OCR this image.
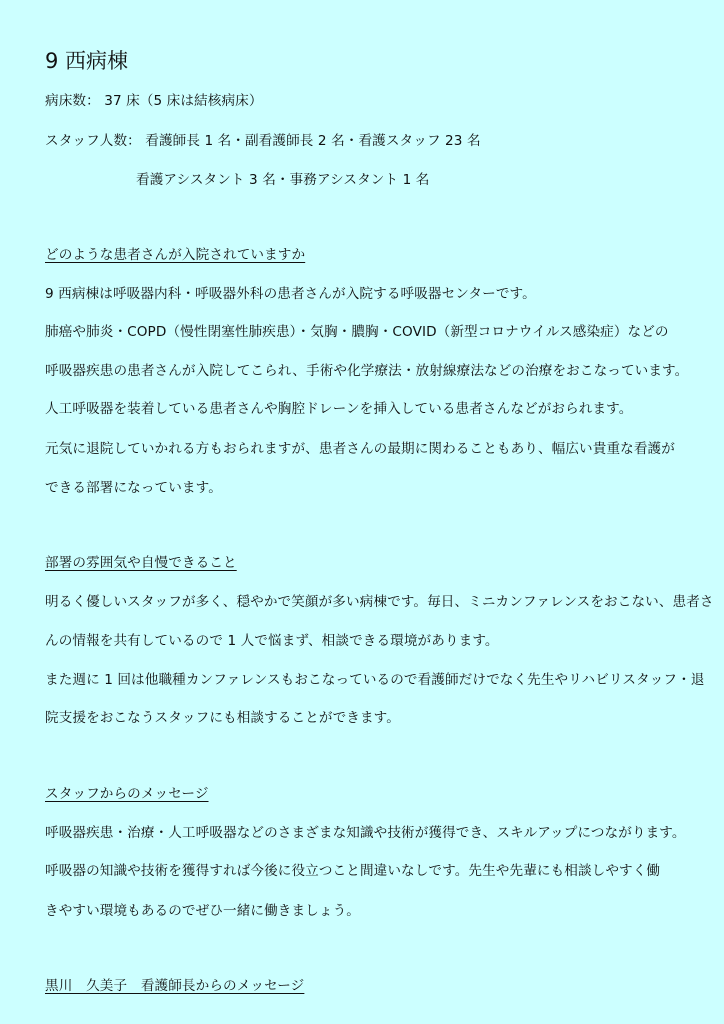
9 西病棟
病床数： 37 床（5 床は結核病床）
スタッフ人数： 看護師長 1 名・副看護師長 2 名・看護スタッフ 23 名
看護アシスタント 3 名・事務アシスタント 1 名
どのような患者さんが入院されていますか
9 西病棟は呼吸器内科・呼吸器外科の患者さんが入院する呼吸器センターです。
肺癌や肺炎・COPD（慢性閉塞性肺疾患）・気胸・膿胸・COVID（新型コロナウイルス感染症）などの
呼吸器疾患の患者さんが入院してこられ、手術や化学療法・放射線療法などの治療をおこなっています。
人工呼吸器を装着している患者さんや胸腔ドレーンを挿入している患者さんなどがおられます。
元気に退院していかれる方もおられますが、患者さんの最期に関わることもあり、幅広い貴重な看護が
できる部署になっています。
部署の雰囲気や自慢できること
明るく優しいスタッフが多く、穏やかで笑顔が多い病棟です。毎日、ミニカンファレンスをおこない、患者さ
んの情報を共有しているので 1 人で悩まず、相談できる環境があります。
また週に 1 回は他職種カンファレンスもおこなっているので看護師だけでなく先生やリハビリスタッフ・退
院支援をおこなうスタッフにも相談することができます。
スタッフからのメッセージ
呼吸器疾患・治療・人工呼吸器などのさまざまな知識や技術が獲得でき、スキルアップにつながります。
呼吸器の知識や技術を獲得すれば今後に役立つこと間違いなしです。先生や先輩にも相談しやすく働
きやすい環境もあるのでぜひ一緒に働きましょう。
黒川　久美子　看護師長からのメッセージ
